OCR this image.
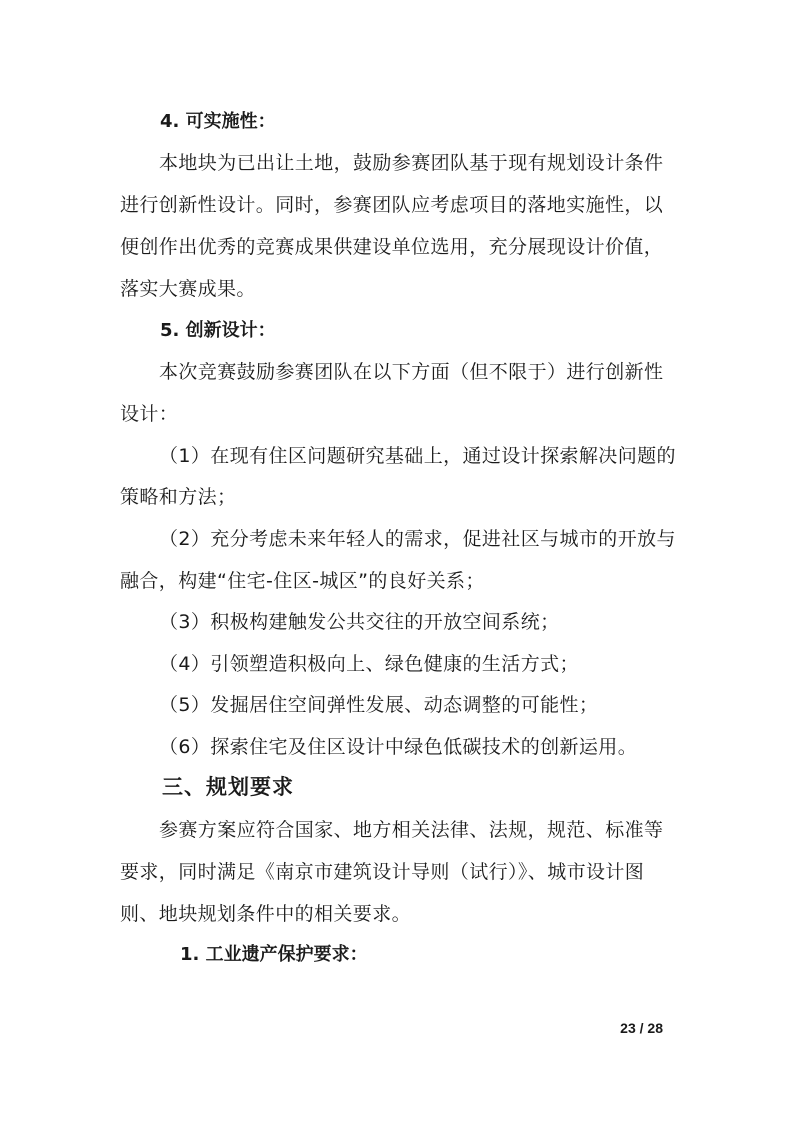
4. 可实施性：
本地块为已出让土地，鼓励参赛团队基于现有规划设计条件
进行创新性设计。同时，参赛团队应考虑项目的落地实施性，以
便创作出优秀的竞赛成果供建设单位选用，充分展现设计价值，
落实大赛成果。
5. 创新设计：
本次竞赛鼓励参赛团队在以下方面（但不限于）进行创新性
设计：
（1）在现有住区问题研究基础上，通过设计探索解决问题的
策略和方法；
（2）充分考虑未来年轻人的需求，促进社区与城市的开放与
融合，构建“住宅-住区-城区”的良好关系；
（3）积极构建触发公共交往的开放空间系统；
（4）引领塑造积极向上、绿色健康的生活方式；
（5）发掘居住空间弹性发展、动态调整的可能性；
（6）探索住宅及住区设计中绿色低碳技术的创新运用。
三、规划要求
参赛方案应符合国家、地方相关法律、法规，规范、标准等
要求，同时满足《南京市建筑设计导则（试行）》、城市设计图
则、地块规划条件中的相关要求。
1. 工业遗产保护要求：
23 / 28
